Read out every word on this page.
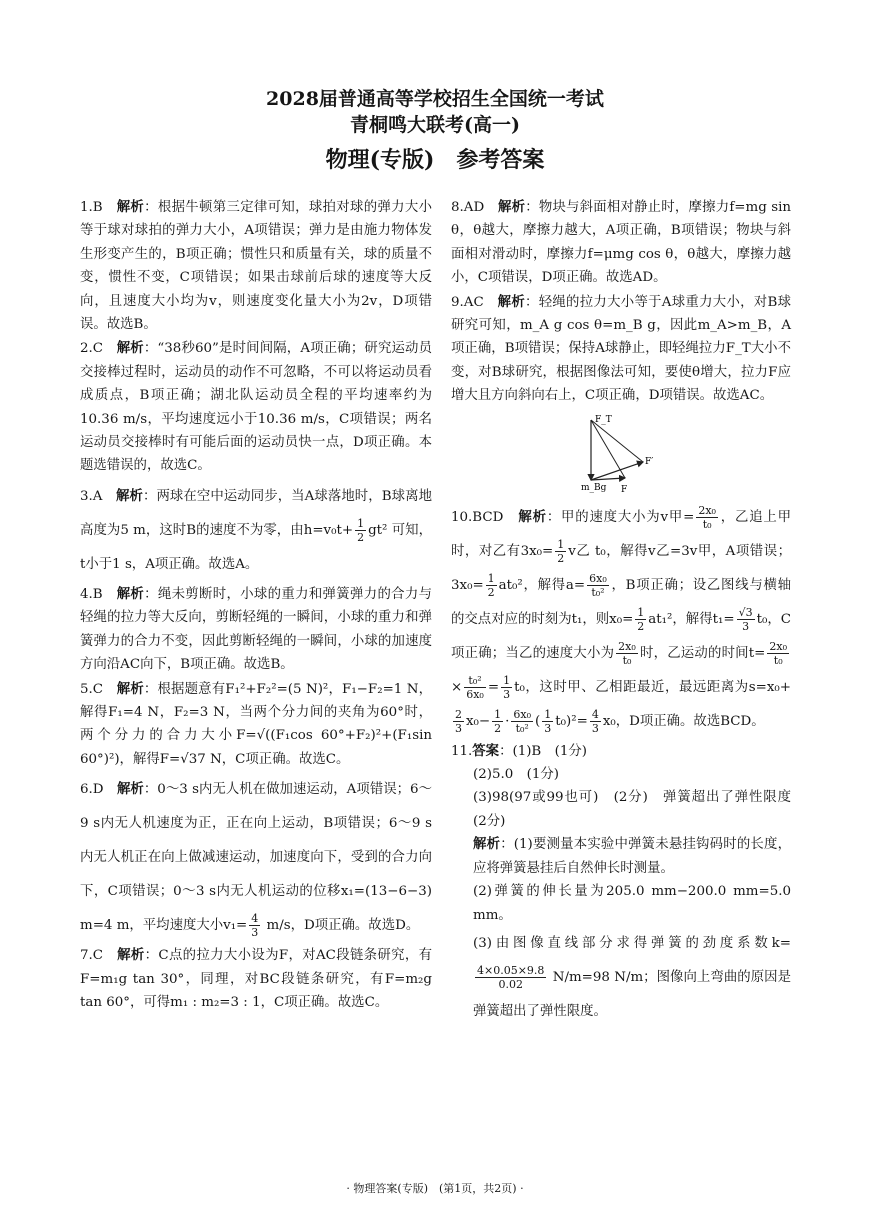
2028届普通高等学校招生全国统一考试
青桐鸣大联考(高一)
物理(专版)　参考答案
1.B　 解析：根据牛顿第三定律可知，球拍对球的弹力大小等于球对球拍的弹力大小，A项错误；弹力是由施力物体发生形变产生的，B项正确；惯性只和质量有关，球的质量不变，惯性不变，C项错误；如果击球前后球的速度等大反向，且速度大小均为v，则速度变化量大小为2v，D项错误。故选B。
2.C　 解析：“38秒60”是时间间隔，A项正确；研究运动员交接棒过程时，运动员的动作不可忽略，不可以将运动员看成质点，B项正确；湖北队运动员全程的平均速率约为10.36 m/s，平均速度远小于10.36 m/s，C项错误；两名运动员交接棒时有可能后面的运动员快一点，D项正确。本题选错误的，故选C。
3.A　 解析：两球在空中运动同步，当A球落地时，B球离地高度为5 m，这时B的速度不为零，由$h=v_0t+ \frac{1}{2} gt^2$ 可知，t小于1 s，A项正确。故选A。
4.B　 解析：绳未剪断时，小球的重力和弹簧弹力的合力与轻绳的拉力等大反向，剪断轻绳的一瞬间，小球的重力和弹簧弹力的合力不变，因此剪断轻绳的一瞬间，小球的加速度方向沿AC向下，B项正确。故选B。
5.C　 解析：根据题意有F₁²+F₂²=(5 N)²，F₁−F₂=1 N，解得F₁=4 N，F₂=3 N，当两个分力间的夹角为60°时，两个分力的合力大小F=√((F₁cos 60°+F₂)²+(F₁sin 60°)²)，解得F=√37 N，C项正确。故选C。
6.D　 解析：0～3 s内无人机在做加速运动，A项错误；6～9 s内无人机速度为正，正在向上运动，B项错误；6～9 s内无人机正在向上做减速运动，加速度向下，受到的合力向下，C项错误；0～3 s内无人机运动的位移x₁=(13−6−3) m=4 m，平均速度大小$v_1= \frac{4}{3} m/s$，D项正确。故选D。
7.C　 解析：C点的拉力大小设为F，对AC段链条研究，有F=m₁g tan 30°，同理，对BC段链条研究，有F=m₂g tan 60°，可得m₁ : m₂=3 : 1，C项正确。故选C。
8.AD　 解析：物块与斜面相对静止时，摩擦力f=mg sin θ，θ越大，摩擦力越大，A项正确，B项错误；物块与斜面相对滑动时，摩擦力f=μmg cos θ，θ越大，摩擦力越小，C项错误，D项正确。故选AD。
9.AC　 解析：轻绳的拉力大小等于A球重力大小，对B球研究可知，m_A g cos θ=m_B g，因此m_A>m_B，A项正确，B项错误；保持A球静止，即轻绳拉力F_T大小不变，对B球研究，根据图像法可知，要使θ增大，拉力F应增大且方向斜向右上，C项正确，D项错误。故选AC。
F_T
F′
m_Bg F
10.BCD　 解析：甲的速度大小为v甲= $\frac{\text{2x₀}}{\text{t₀}}$ ，乙追上甲时，对乙有$3x_0= \frac{1}{2}$ v乙 t₀，解得v乙=3v甲，A项错误；$3x_0= \frac{1}{2} at_0^2$，解得$a= \frac{\text{6x₀}}{\text{t₀²}}$ ，B项正确；设乙图线与横轴的交点对应的时刻为t₁，则$x_0= \frac{1}{2} at_1^2$，解得$t_1= \frac{√3}{3} t_0$，C项正确；当乙的速度大小为 $\frac{\text{2x₀}}{\text{t₀}}$ 时，乙运动的时间$t= \frac{\text{2x₀}}{\text{t₀}}$
× $\frac{\text{t₀²}}{\text{6x₀}} = \frac{1}{3} t_0$，这时甲、乙相距最近，最远距离为s=x₀+
$\frac{2}{3} x_0- \frac{1}{2} \cdot \frac{\text{6x₀}}{\text{t₀²}}$ ( $\frac{1}{3} t_0)^2= \frac{4}{3} x_0$，D项正确。故选BCD。
11.答案：(1)B　(1分)
(2)5.0　(1分)
(3)98(97或99也可)　(2分)　弹簧超出了弹性限度　(2分)
解析：(1)要测量本实验中弹簧未悬挂钩码时的长度，应将弹簧悬挂后自然伸长时测量。
(2)弹簧的伸长量为205.0 mm−200.0 mm=5.0 mm。
(3)由图像直线部分求得弹簧的劲度系数k=
$\frac{4\times 0.05\times 9.8}{0.02} N/m=98$ N/m；图像向上弯曲的原因是弹簧超出了弹性限度。
· 物理答案(专版)　(第1页，共2页) ·
